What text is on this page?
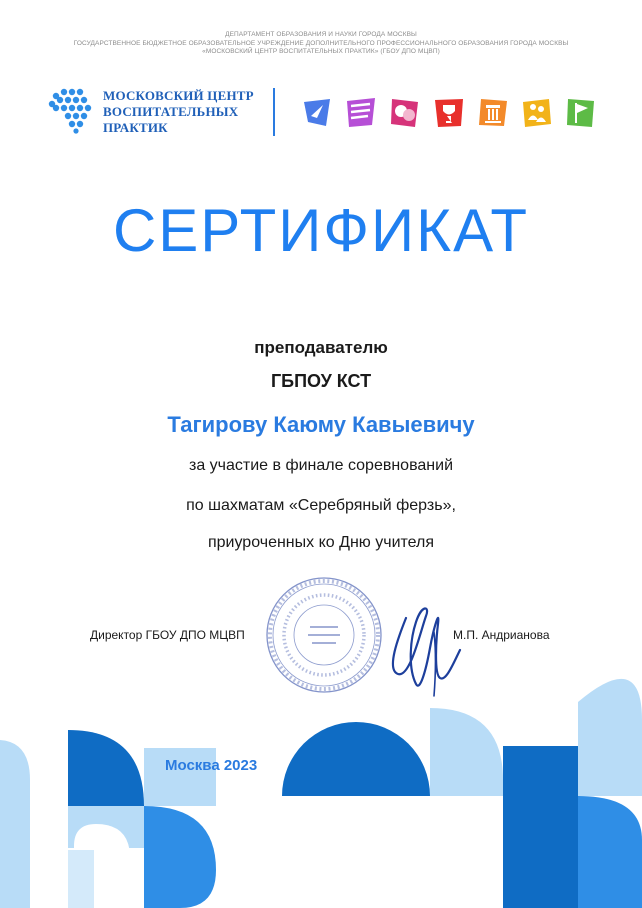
ДЕПАРТАМЕНТ ОБРАЗОВАНИЯ И НАУКИ ГОРОДА МОСКВЫ
ГОСУДАРСТВЕННОЕ БЮДЖЕТНОЕ ОБРАЗОВАТЕЛЬНОЕ УЧРЕЖДЕНИЕ ДОПОЛНИТЕЛЬНОГО ПРОФЕССИОНАЛЬНОГО ОБРАЗОВАНИЯ ГОРОДА МОСКВЫ
«МОСКОВСКИЙ ЦЕНТР ВОСПИТАТЕЛЬНЫХ ПРАКТИК» (ГБОУ ДПО МЦВП)
МОСКОВСКИЙ ЦЕНТР
ВОСПИТАТЕЛЬНЫХ
ПРАКТИК
СЕРТИФИКАТ
преподавателю
ГБПОУ КСТ
Тагирову Каюму Кавыевичу
за участие в финале соревнований
по шахматам «Серебряный ферзь»,
приуроченных ко Дню учителя
Директор ГБОУ ДПО МЦВП	М.П. Андрианова
Москва 2023
